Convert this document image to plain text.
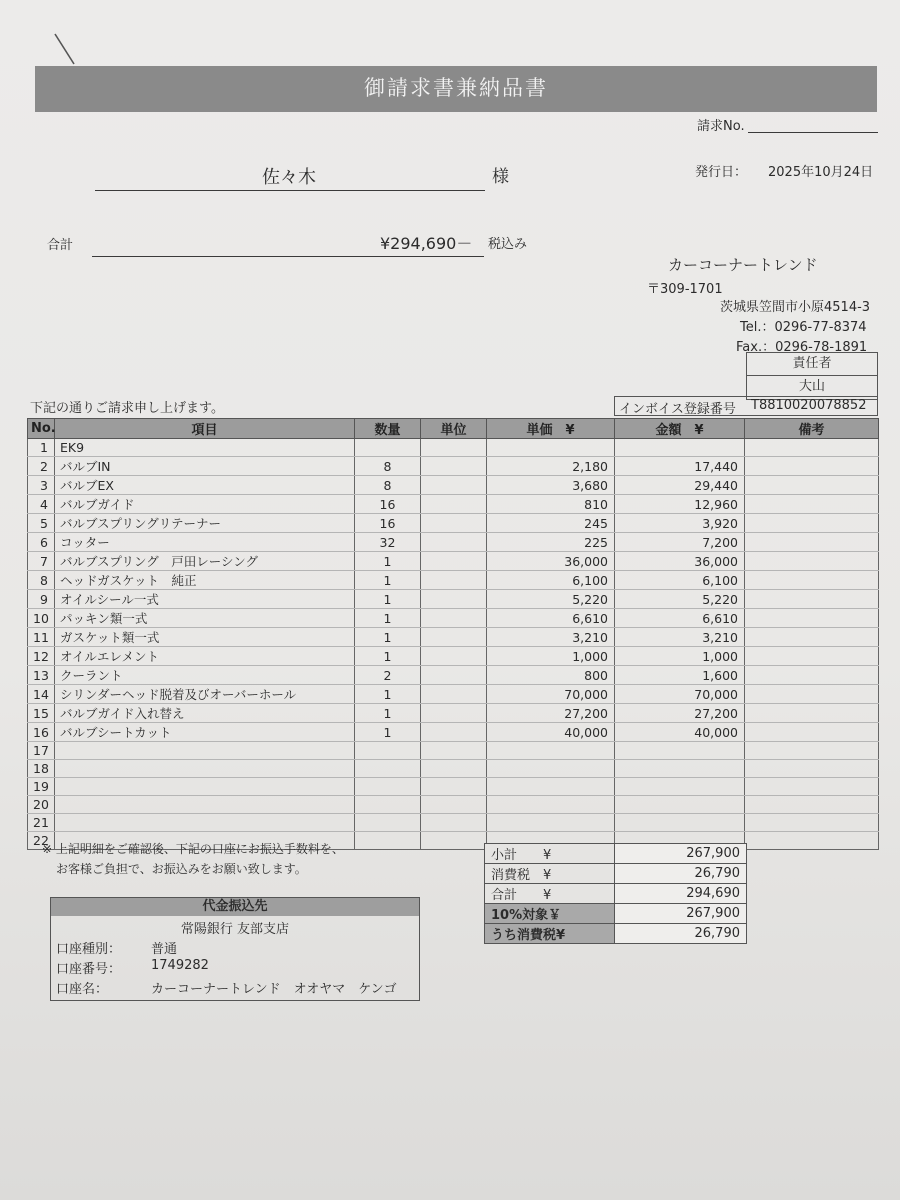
御請求書兼納品書
請求No.
佐々木	様	発行日： 2025年10月24日
合計	¥294,690－ 税込み
カーコーナートレンド
〒309-1701
茨城県笠間市小原4514-3
Tel.：0296-77-8374
Fax.：0296-78-1891
責任者
大山
下記の通りご請求申し上げます。	インボイス登録番号 T8810020078852
No.	項目	数量	単位	単価　¥	金額　¥	備考
1	EK9					
2	バルブIN	8		2,180	17,440	
3	バルブEX	8		3,680	29,440	
4	バルブガイド	16		810	12,960	
5	バルブスプリングリテーナー	16		245	3,920	
6	コッター	32		225	7,200	
7	バルブスプリング　戸田レーシング	1		36,000	36,000	
8	ヘッドガスケット　純正	1		6,100	6,100	
9	オイルシール一式	1		5,220	5,220	
10	パッキン類一式	1		6,610	6,610	
11	ガスケット類一式	1		3,210	3,210	
12	オイルエレメント	1		1,000	1,000	
13	クーラント	2		800	1,600	
14	シリンダーヘッド脱着及びオーバーホール	1		70,000	70,000	
15	バルブガイド入れ替え	1		27,200	27,200	
16	バルブシートカット	1		40,000	40,000	
17						
18						
19						
20						
21						
22						
※ 上記明細をご確認後、下記の口座にお振込手数料を、
お客様ご負担で、お振込みをお願い致します。
小計　　¥	267,900
消費税　¥	26,790
合計　　¥	294,690
10%対象￥	267,900
うち消費税¥	26,790
代金振込先
常陽銀行 友部支店
口座種別： 普通
口座番号： 1749282
口座名：	カーコーナートレンド　オオヤマ　ケンゴ
